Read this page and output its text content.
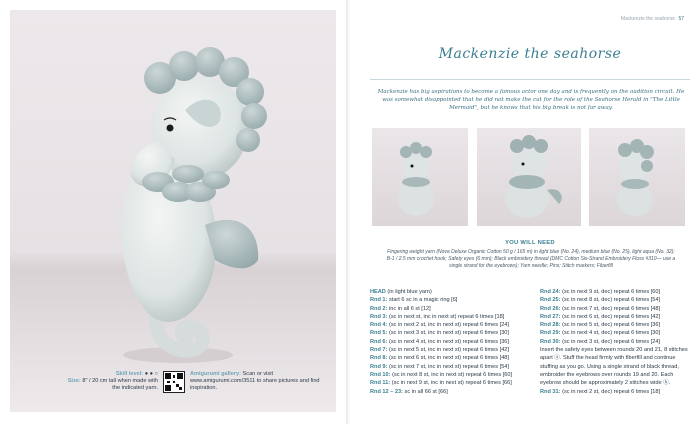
Skill level: ● ● ○
Size: 8" / 20 cm tall when made with the indicated yarn.
Amigurumi gallery: Scan or visit www.amigurumi.com/3511 to share pictures and find inspiration.
Mackenzie the seahorse 57
Mackenzie the seahorse
Mackenzie has big aspirations to become a famous actor one day and is frequently on the audition circuit. He was somewhat disappointed that he did not make the cut for the role of the Seahorse Herald in "The Little Mermaid", but he knows that his big break is not far away.
YOU WILL NEED
Fingering weight yarn (Nova Deluxe Organic Cotton 50 g / 165 m) in light blue (No. 24), medium blue (No. 25), light aqua (No. 32); B-1 / 2.5 mm crochet hook; Safety eyes (6 mm); Black embroidery thread (DMC Cotton Six-Strand Embroidery Floss #310— use a single strand for the eyebrows); Yarn needle; Pins; Stitch markers; Fiberfill
HEAD (in light blue yarn)
Rnd 1: start 6 sc in a magic ring [6]
Rnd 2: inc in all 6 st [12]
Rnd 3: (sc in next st, inc in next st) repeat 6 times [18]
Rnd 4: (sc in next 2 st, inc in next st) repeat 6 times [24]
Rnd 5: (sc in next 3 st, inc in next st) repeat 6 times [30]
Rnd 6: (sc in next 4 st, inc in next st) repeat 6 times [36]
Rnd 7: (sc in next 5 st, inc in next st) repeat 6 times [42]
Rnd 8: (sc in next 6 st, inc in next st) repeat 6 times [48]
Rnd 9: (sc in next 7 st, inc in next st) repeat 6 times [54]
Rnd 10: (sc in next 8 st, inc in next st) repeat 6 times [60]
Rnd 11: (sc in next 9 st, inc in next st) repeat 6 times [66]
Rnd 12 – 23: sc in all 66 st [66]
Rnd 24: (sc in next 9 st, dec) repeat 6 times [60]
Rnd 25: (sc in next 8 st, dec) repeat 6 times [54]
Rnd 26: (sc in next 7 st, dec) repeat 6 times [48]
Rnd 27: (sc in next 6 st, dec) repeat 6 times [42]
Rnd 28: (sc in next 5 st, dec) repeat 6 times [36]
Rnd 29: (sc in next 4 st, dec) repeat 6 times [30]
Rnd 30: (sc in next 3 st, dec) repeat 6 times [24]
Insert the safety eyes between rounds 20 and 21, 8 stitches apart ⓐ. Stuff the head firmly with fiberfill and continue stuffing as you go. Using a single strand of black thread, embroider the eyebrows over rounds 19 and 20. Each eyebrow should be approximately 2 stitches wide ⓑ.
Rnd 31: (sc in next 2 st, dec) repeat 6 times [18]
